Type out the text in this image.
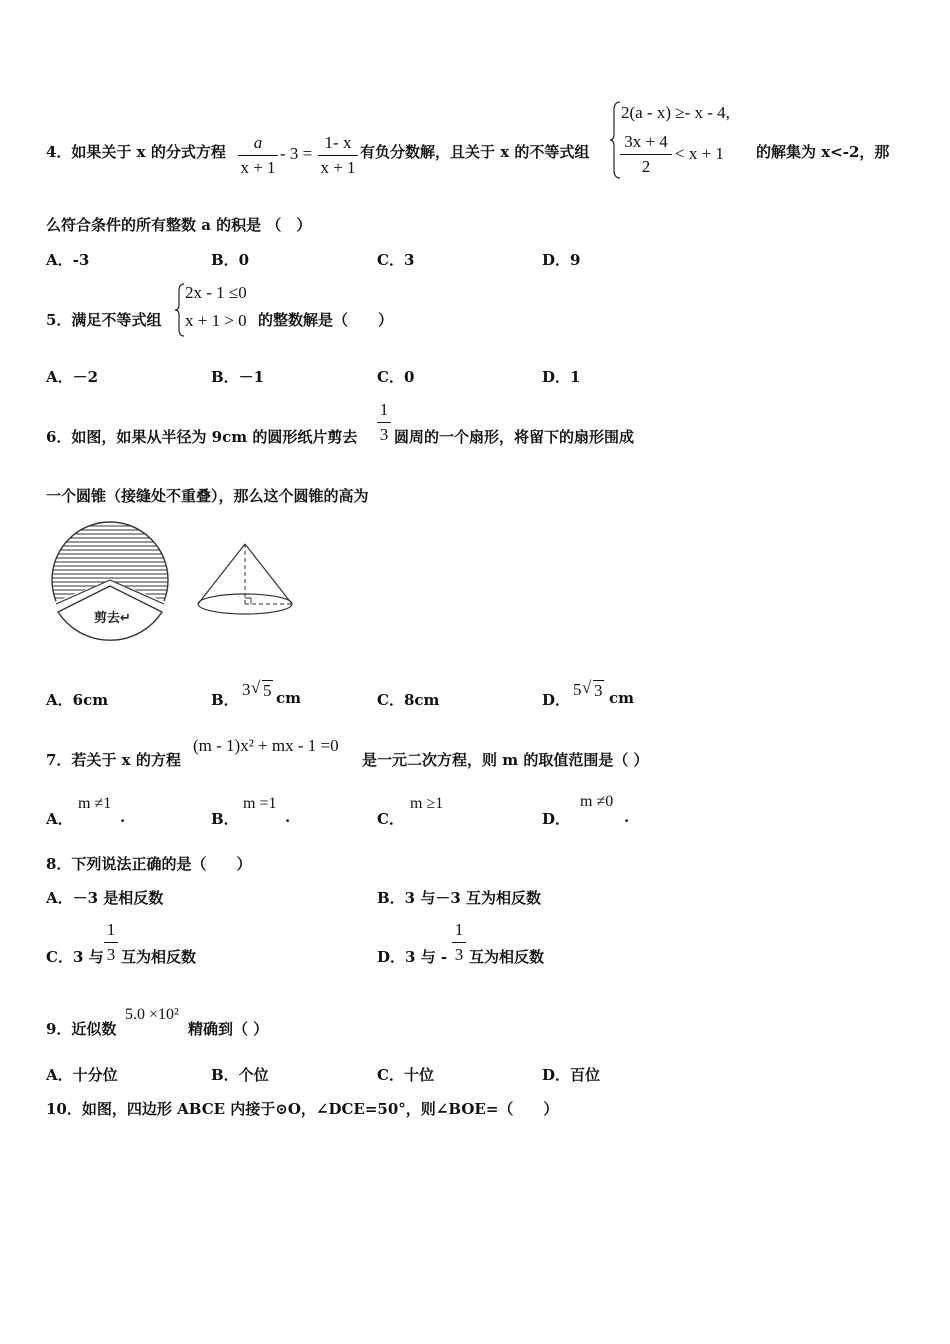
4．如果关于 x 的分式方程	a
x + 1
- 3 =
1- x
x + 1
有负分数解，且关于 x 的不等式组
2(a - x) ≥- x - 4,
3x + 4
2
< x + 1 的解集为 x<-2，那
么符合条件的所有整数 a 的积是 （　）
A．-3	B．0	C．3	D．9
5．满足不等式组
2x - 1 ≤0
x + 1 > 0 的整数解是（　　）
A．－2	B．－1	C．0	D．1
6．如图，如果从半径为 9cm 的圆形纸片剪去
1
3 圆周的一个扇形，将留下的扇形围成
一个圆锥（接缝处不重叠），那么这个圆锥的高为
剪去↵
A．6cm	B．
3 √ 5 cm	C．8cm	D．
5 √ 3 cm
7．若关于 x 的方程
(m - 1)x² + mx - 1 =0
是一元二次方程，则 m 的取值范围是（ ）
A．
m ≠1
.	B．
m =1
.	C．
m ≥1
D．
m ≠0
.
8．下列说法正确的是（　　）
A．－3 是相反数	B．3 与－3 互为相反数
C．3 与
1
3 互为相反数	D．3 与 -
1
3 互为相反数
9．近似数
5.0 ×10²
精确到（ ）
A．十分位	B．个位	C．十位	D．百位
10．如图，四边形 ABCE 内接于⊙O，∠DCE=50°，则∠BOE=（　　）
